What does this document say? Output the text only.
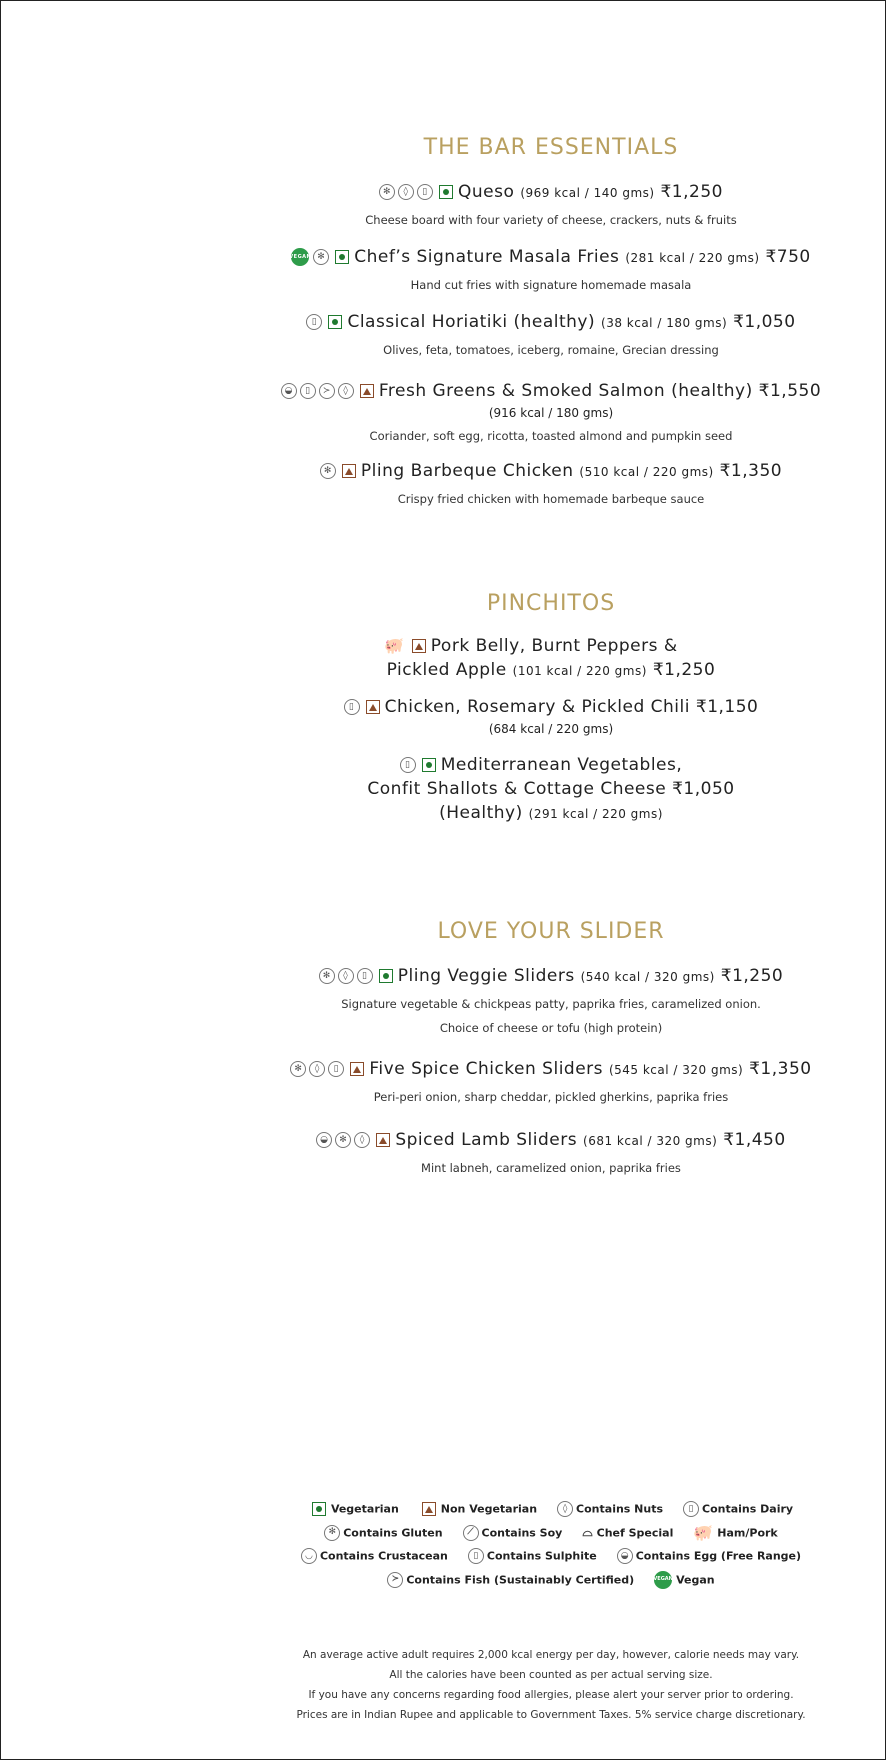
THE BAR ESSENTIALS
✻ ◊ ▯ Queso (969 kcal / 140 gms) ₹1,250
Cheese board with four variety of cheese, crackers, nuts & fruits
VEGAN ✻ Chef’s Signature Masala Fries (281 kcal / 220 gms) ₹750
Hand cut fries with signature homemade masala
▯ Classical Horiatiki (healthy) (38 kcal / 180 gms) ₹1,050
Olives, feta, tomatoes, iceberg, romaine, Grecian dressing
◒ ▯ ≻ ◊ Fresh Greens & Smoked Salmon (healthy) ₹1,550
(916 kcal / 180 gms)
Coriander, soft egg, ricotta, toasted almond and pumpkin seed
✻ Pling Barbeque Chicken (510 kcal / 220 gms) ₹1,350
Crispy fried chicken with homemade barbeque sauce
PINCHITOS
🐖 Pork Belly, Burnt Peppers &
Pickled Apple (101 kcal / 220 gms) ₹1,250
▯ Chicken, Rosemary & Pickled Chili ₹1,150
(684 kcal / 220 gms)
▯ Mediterranean Vegetables,
Confit Shallots & Cottage Cheese ₹1,050
(Healthy) (291 kcal / 220 gms)
LOVE YOUR SLIDER
✻ ◊ ▯ Pling Veggie Sliders (540 kcal / 320 gms) ₹1,250
Signature vegetable & chickpeas patty, paprika fries, caramelized onion.
Choice of cheese or tofu (high protein)
✻ ◊ ▯ Five Spice Chicken Sliders (545 kcal / 320 gms) ₹1,350
Peri-peri onion, sharp cheddar, pickled gherkins, paprika fries
◒ ✻ ◊ Spiced Lamb Sliders (681 kcal / 320 gms) ₹1,450
Mint labneh, caramelized onion, paprika fries
Vegetarian	Non Vegetarian	◊ Contains Nuts	▯ Contains Dairy
✻ Contains Gluten	⟋ Contains Soy ⌓ Chef Special 🐖 Ham/Pork
◡ Contains Crustacean	▯ Contains Sulphite	◒ Contains Egg (Free Range)
≻ Contains Fish (Sustainably Certified)	VEGAN Vegan
An average active adult requires 2,000 kcal energy per day, however, calorie needs may vary.
All the calories have been counted as per actual serving size.
If you have any concerns regarding food allergies, please alert your server prior to ordering.
Prices are in Indian Rupee and applicable to Government Taxes. 5% service charge discretionary.
